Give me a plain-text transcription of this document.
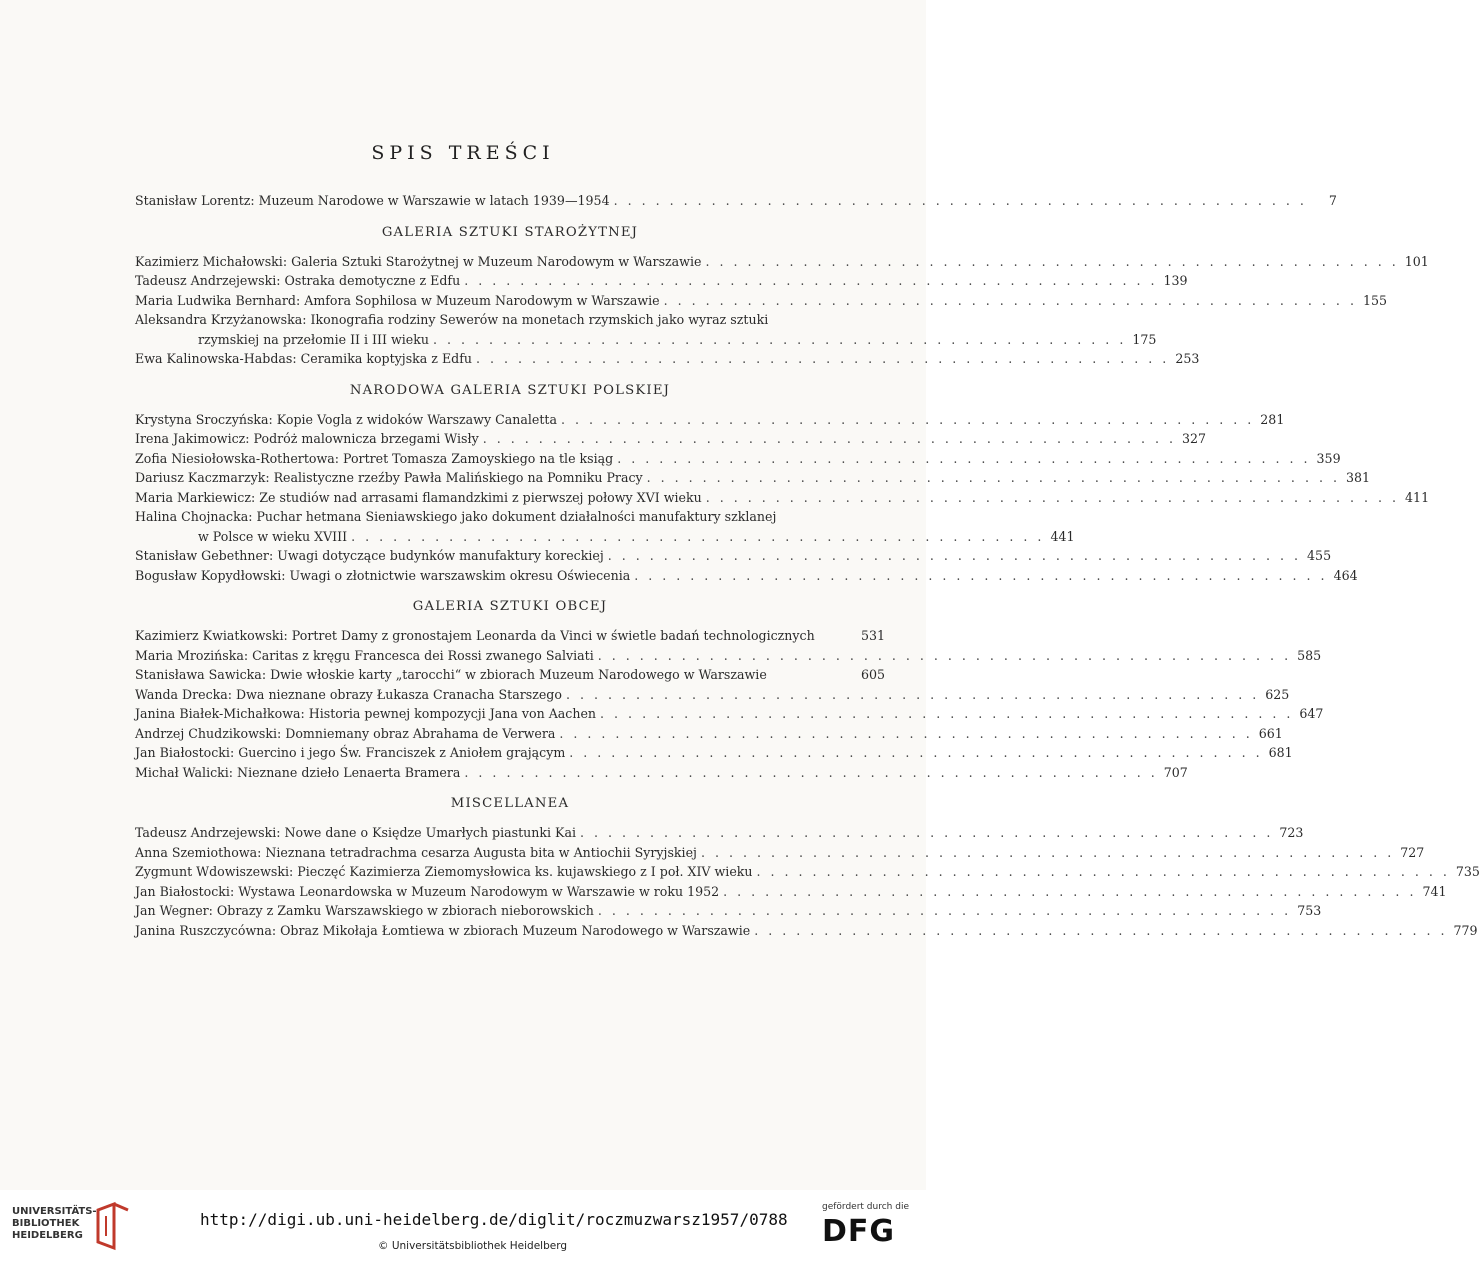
SPIS TREŚCI
Stanisław Lorentz: Muzeum Narodowe w Warszawie w latach 1939—1954 . . . . . . . . . . . . . . . . . . . . . . . . . . . . . . . . . . . . . . . . . . . . . . . . . .	7
GALERIA SZTUKI STAROŻYTNEJ
Kazimierz Michałowski: Galeria Sztuki Starożytnej w Muzeum Narodowym w Warszawie . . . . . . . . . . . . . . . . . . . . . . . . . . . . . . . . . . . . . . . . . . . . . . . . . . 101
Tadeusz Andrzejewski: Ostraka demotyczne z Edfu . . . . . . . . . . . . . . . . . . . . . . . . . . . . . . . . . . . . . . . . . . . . . . . . . . 139
Maria Ludwika Bernhard: Amfora Sophilosa w Muzeum Narodowym w Warszawie . . . . . . . . . . . . . . . . . . . . . . . . . . . . . . . . . . . . . . . . . . . . . . . . . . 155
Aleksandra Krzyżanowska: Ikonografia rodziny Sewerów na monetach rzymskich jako wyraz sztuki
rzymskiej na przełomie II i III wieku . . . . . . . . . . . . . . . . . . . . . . . . . . . . . . . . . . . . . . . . . . . . . . . . . . 175
Ewa Kalinowska-Habdas: Ceramika koptyjska z Edfu . . . . . . . . . . . . . . . . . . . . . . . . . . . . . . . . . . . . . . . . . . . . . . . . . . 253
NARODOWA GALERIA SZTUKI POLSKIEJ
Krystyna Sroczyńska: Kopie Vogla z widoków Warszawy Canaletta . . . . . . . . . . . . . . . . . . . . . . . . . . . . . . . . . . . . . . . . . . . . . . . . . . 281
Irena Jakimowicz: Podróż malownicza brzegami Wisły . . . . . . . . . . . . . . . . . . . . . . . . . . . . . . . . . . . . . . . . . . . . . . . . . . 327
Zofia Niesiołowska-Rothertowa: Portret Tomasza Zamoyskiego na tle ksiąg . . . . . . . . . . . . . . . . . . . . . . . . . . . . . . . . . . . . . . . . . . . . . . . . . . 359
Dariusz Kaczmarzyk: Realistyczne rzeźby Pawła Malińskiego na Pomniku Pracy . . . . . . . . . . . . . . . . . . . . . . . . . . . . . . . . . . . . . . . . . . . . . . . . . . 381
Maria Markiewicz: Ze studiów nad arrasami flamandzkimi z pierwszej połowy XVI wieku . . . . . . . . . . . . . . . . . . . . . . . . . . . . . . . . . . . . . . . . . . . . . . . . . . 411
Halina Chojnacka: Puchar hetmana Sieniawskiego jako dokument działalności manufaktury szklanej
w Polsce w wieku XVIII . . . . . . . . . . . . . . . . . . . . . . . . . . . . . . . . . . . . . . . . . . . . . . . . . . 441
Stanisław Gebethner: Uwagi dotyczące budynków manufaktury koreckiej . . . . . . . . . . . . . . . . . . . . . . . . . . . . . . . . . . . . . . . . . . . . . . . . . . 455
Bogusław Kopydłowski: Uwagi o złotnictwie warszawskim okresu Oświecenia . . . . . . . . . . . . . . . . . . . . . . . . . . . . . . . . . . . . . . . . . . . . . . . . . . 464
GALERIA SZTUKI OBCEJ
Kazimierz Kwiatkowski: Portret Damy z gronostajem Leonarda da Vinci w świetle badań technologicznych	531
Maria Mrozińska: Caritas z kręgu Francesca dei Rossi zwanego Salviati . . . . . . . . . . . . . . . . . . . . . . . . . . . . . . . . . . . . . . . . . . . . . . . . . . 585
Stanisława Sawicka: Dwie włoskie karty „tarocchi“ w zbiorach Muzeum Narodowego w Warszawie	605
Wanda Drecka: Dwa nieznane obrazy Łukasza Cranacha Starszego . . . . . . . . . . . . . . . . . . . . . . . . . . . . . . . . . . . . . . . . . . . . . . . . . . 625
Janina Białek-Michałkowa: Historia pewnej kompozycji Jana von Aachen . . . . . . . . . . . . . . . . . . . . . . . . . . . . . . . . . . . . . . . . . . . . . . . . . . 647
Andrzej Chudzikowski: Domniemany obraz Abrahama de Verwera . . . . . . . . . . . . . . . . . . . . . . . . . . . . . . . . . . . . . . . . . . . . . . . . . . 661
Jan Białostocki: Guercino i jego Św. Franciszek z Aniołem grającym . . . . . . . . . . . . . . . . . . . . . . . . . . . . . . . . . . . . . . . . . . . . . . . . . . 681
Michał Walicki: Nieznane dzieło Lenaerta Bramera . . . . . . . . . . . . . . . . . . . . . . . . . . . . . . . . . . . . . . . . . . . . . . . . . . 707
MISCELLANEA
Tadeusz Andrzejewski: Nowe dane o Księdze Umarłych piastunki Kai . . . . . . . . . . . . . . . . . . . . . . . . . . . . . . . . . . . . . . . . . . . . . . . . . . 723
Anna Szemiothowa: Nieznana tetradrachma cesarza Augusta bita w Antiochii Syryjskiej . . . . . . . . . . . . . . . . . . . . . . . . . . . . . . . . . . . . . . . . . . . . . . . . . . 727
Zygmunt Wdowiszewski: Pieczęć Kazimierza Ziemomysłowica ks. kujawskiego z I poł. XIV wieku . . . . . . . . . . . . . . . . . . . . . . . . . . . . . . . . . . . . . . . . . . . . . . . . . . 735
Jan Białostocki: Wystawa Leonardowska w Muzeum Narodowym w Warszawie w roku 1952 . . . . . . . . . . . . . . . . . . . . . . . . . . . . . . . . . . . . . . . . . . . . . . . . . . 741
Jan Wegner: Obrazy z Zamku Warszawskiego w zbiorach nieborowskich . . . . . . . . . . . . . . . . . . . . . . . . . . . . . . . . . . . . . . . . . . . . . . . . . . 753
Janina Ruszczycówna: Obraz Mikołaja Łomtiewa w zbiorach Muzeum Narodowego w Warszawie . . . . . . . . . . . . . . . . . . . . . . . . . . . . . . . . . . . . . . . . . . . . . . . . . . 779
UNIVERSITÄTS-
BIBLIOTHEK
HEIDELBERG
http://digi.ub.uni-heidelberg.de/diglit/roczmuzwarsz1957/0788
© Universitätsbibliothek Heidelberg
gefördert durch die
DFG
